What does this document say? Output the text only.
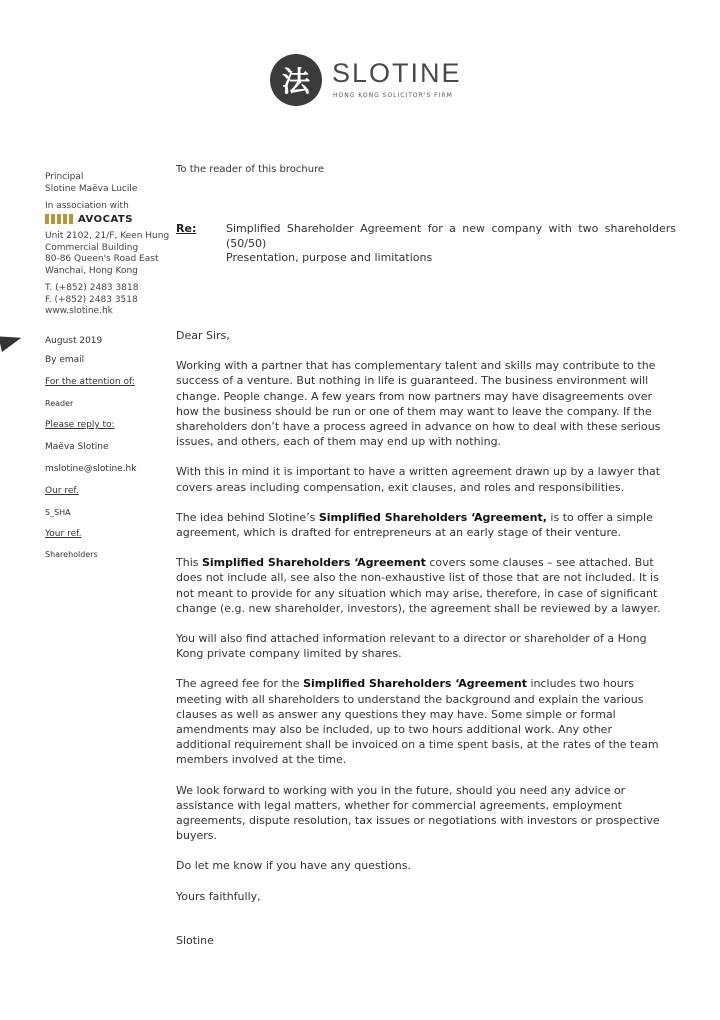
法 SLOTINE
HONG KONG SOLICITOR'S FIRM
Principal
Slotine Maëva Lucile
In association with
AVOCATS
Unit 2102, 21/F, Keen Hung
Commercial Building
80-86 Queen's Road East
Wanchai, Hong Kong
T. (+852) 2483 3818
F. (+852) 2483 3518
www.slotine.hk
August 2019
By email
For the attention of:
Reader
Please reply to:
Maëva Slotine
mslotine@slotine.hk
Our ref.
S_SHA
Your ref.
Shareholders
To the reader of this brochure
Re:	Simplified Shareholder Agreement for a new company with two shareholders
(50/50)
Presentation, purpose and limitations

Dear Sirs,

Working with a partner that has complementary talent and skills may contribute to the success of a venture. But nothing in life is guaranteed. The business environment will change. People change. A few years from now partners may have disagreements over how the business should be run or one of them may want to leave the company. If the shareholders don’t have a process agreed in advance on how to deal with these serious issues, and others, each of them may end up with nothing.

With this in mind it is important to have a written agreement drawn up by a lawyer that covers areas including compensation, exit clauses, and roles and responsibilities.

The idea behind Slotine’s Simplified Shareholders ‘Agreement, is to offer a simple agreement, which is drafted for entrepreneurs at an early stage of their venture.

This Simplified Shareholders ‘Agreement covers some clauses – see attached. But does not include all, see also the non-exhaustive list of those that are not included. It is not meant to provide for any situation which may arise, therefore, in case of significant change (e.g. new shareholder, investors), the agreement shall be reviewed by a lawyer.

You will also find attached information relevant to a director or shareholder of a Hong Kong private company limited by shares.

The agreed fee for the Simplified Shareholders ‘Agreement includes two hours meeting with all shareholders to understand the background and explain the various clauses as well as answer any questions they may have. Some simple or formal amendments may also be included, up to two hours additional work. Any other additional requirement shall be invoiced on a time spent basis, at the rates of the team members involved at the time.

We look forward to working with you in the future, should you need any advice or assistance with legal matters, whether for commercial agreements, employment agreements, dispute resolution, tax issues or negotiations with investors or prospective buyers.

Do let me know if you have any questions.

Yours faithfully,

Slotine
